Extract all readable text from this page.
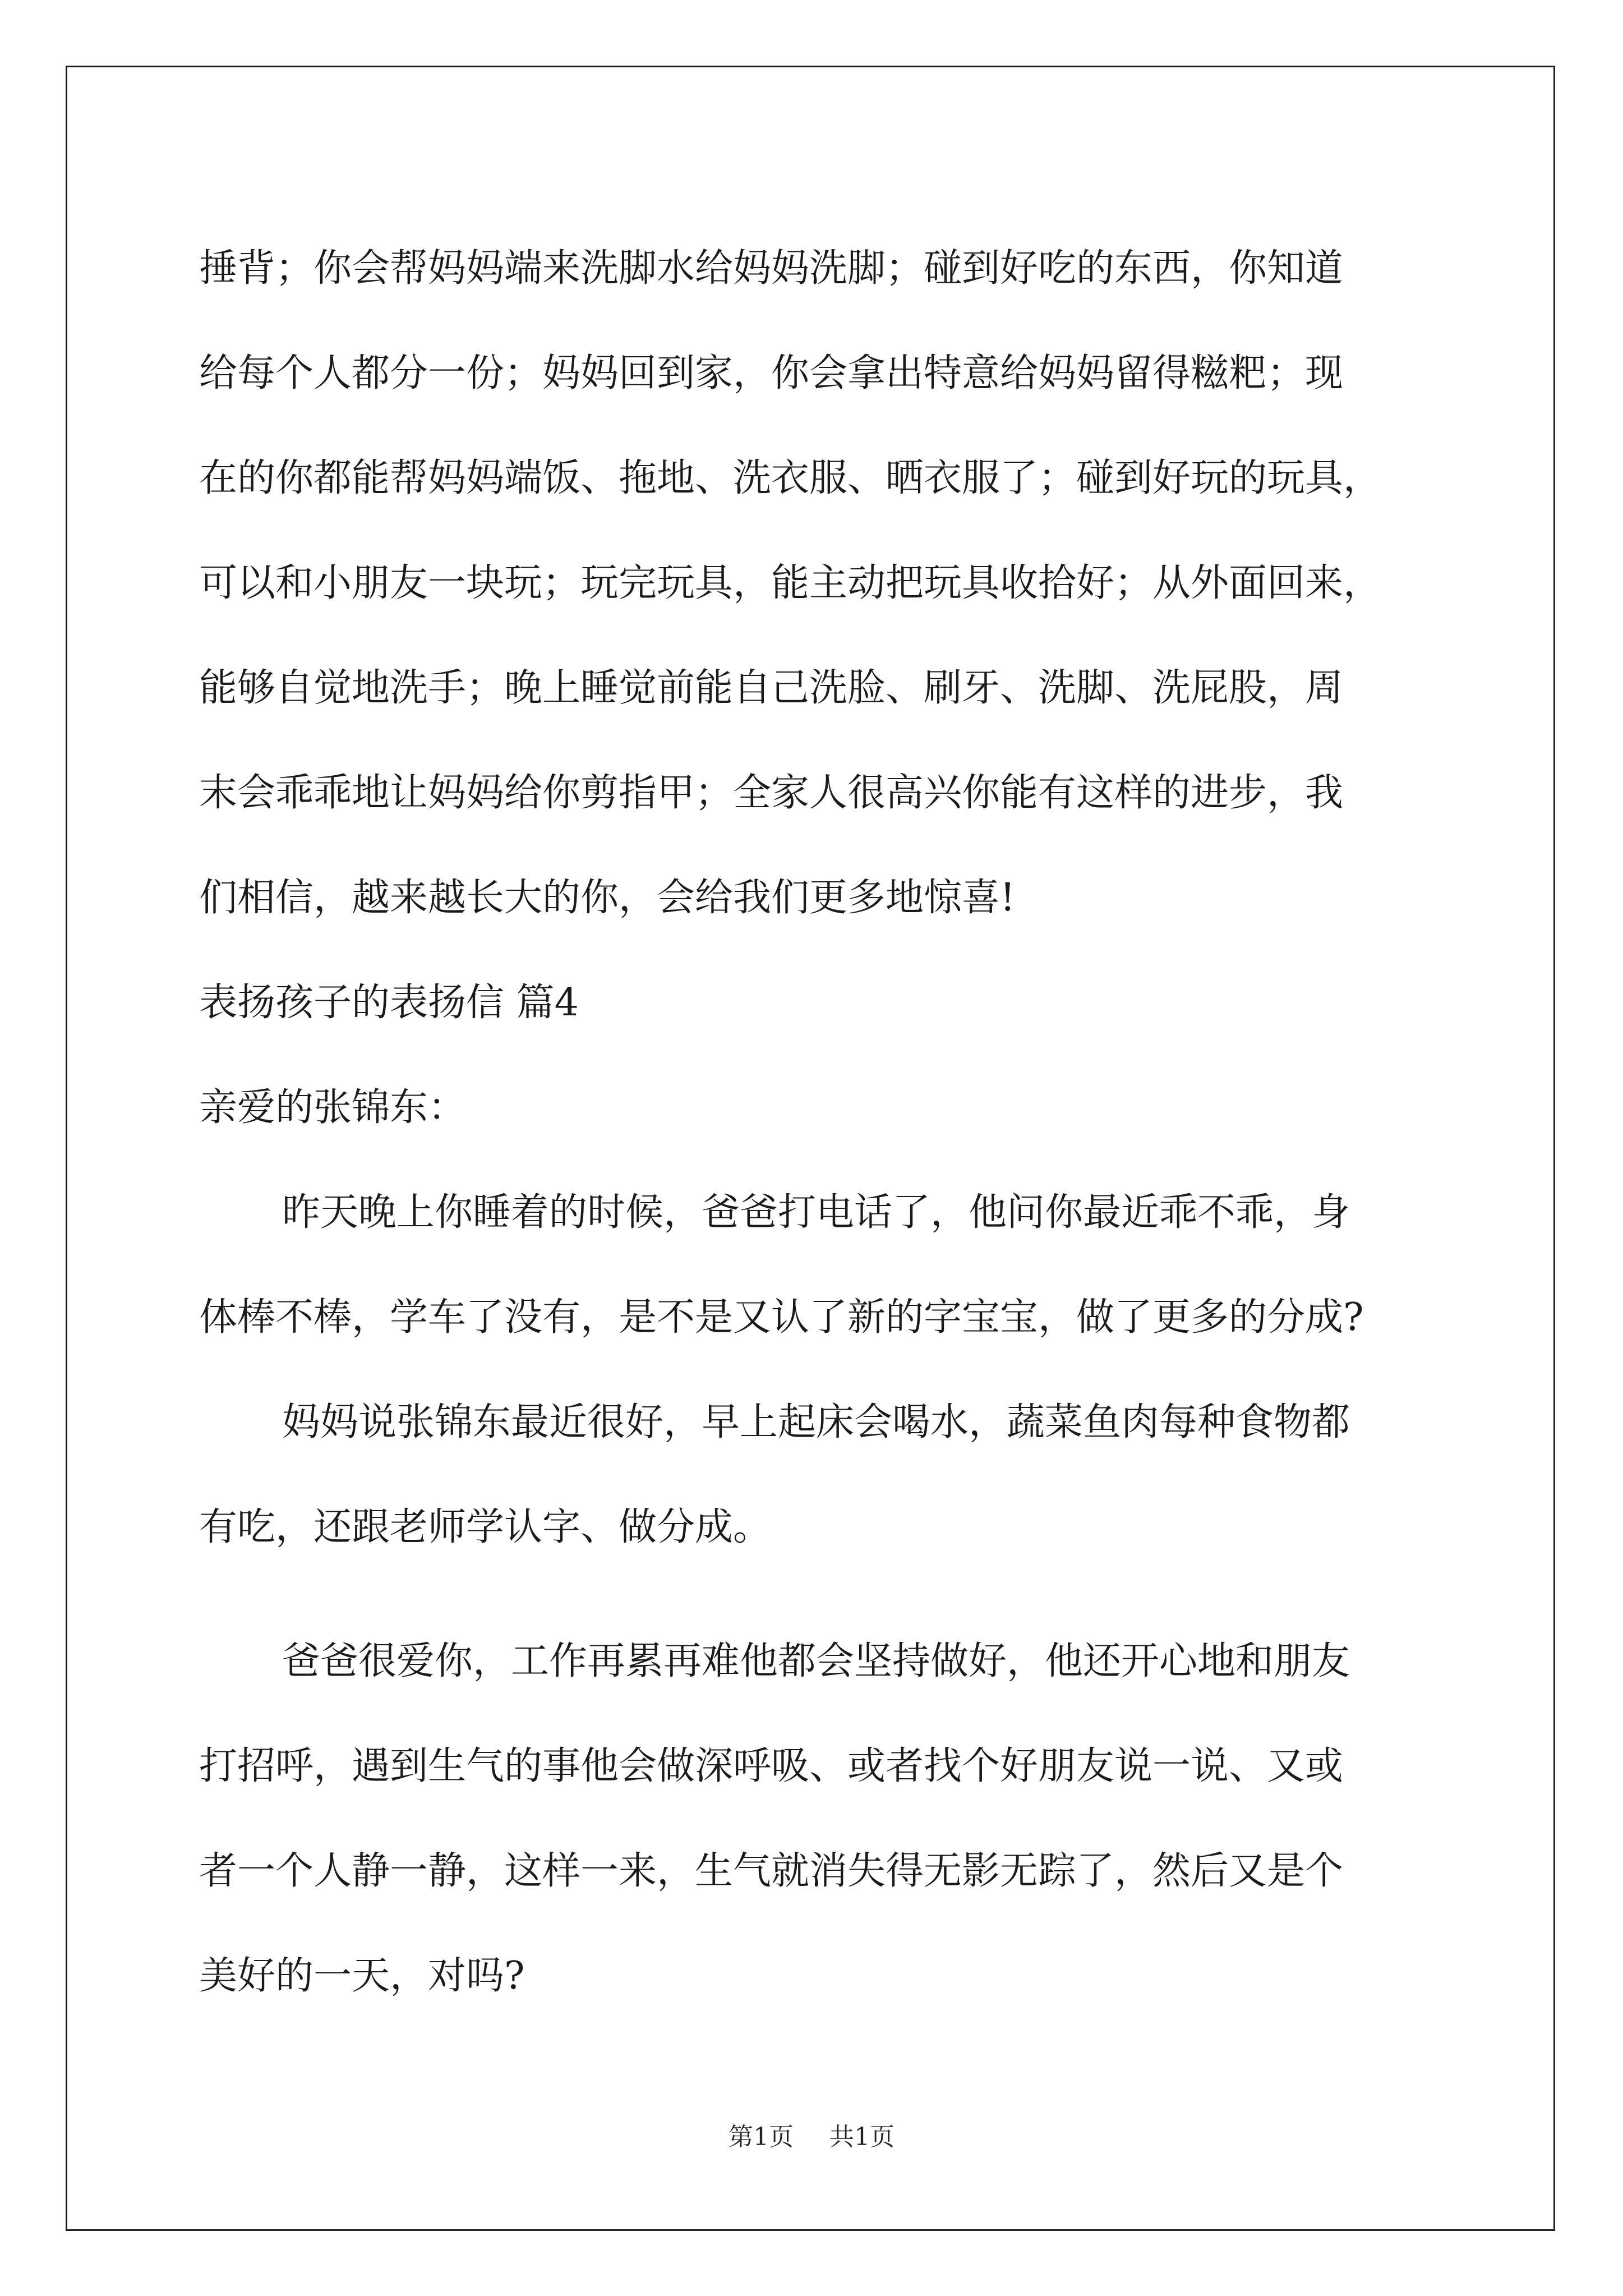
捶背；你会帮妈妈端来洗脚水给妈妈洗脚；碰到好吃的东西，你知道
给每个人都分一份；妈妈回到家，你会拿出特意给妈妈留得糍粑；现
在的你都能帮妈妈端饭、拖地、洗衣服、晒衣服了；碰到好玩的玩具，
可以和小朋友一块玩；玩完玩具，能主动把玩具收拾好；从外面回来，
能够自觉地洗手；晚上睡觉前能自己洗脸、刷牙、洗脚、洗屁股，周
末会乖乖地让妈妈给你剪指甲；全家人很高兴你能有这样的进步，我
们相信，越来越长大的你，会给我们更多地惊喜!
表扬孩子的表扬信 篇4
亲爱的张锦东：
昨天晚上你睡着的时候，爸爸打电话了，他问你最近乖不乖，身
体棒不棒，学车了没有，是不是又认了新的字宝宝，做了更多的分成?
妈妈说张锦东最近很好，早上起床会喝水，蔬菜鱼肉每种食物都
有吃，还跟老师学认字、做分成。
爸爸很爱你，工作再累再难他都会坚持做好，他还开心地和朋友
打招呼，遇到生气的事他会做深呼吸、或者找个好朋友说一说、又或
者一个人静一静，这样一来，生气就消失得无影无踪了，然后又是个
美好的一天，对吗?
第1页 共1页
